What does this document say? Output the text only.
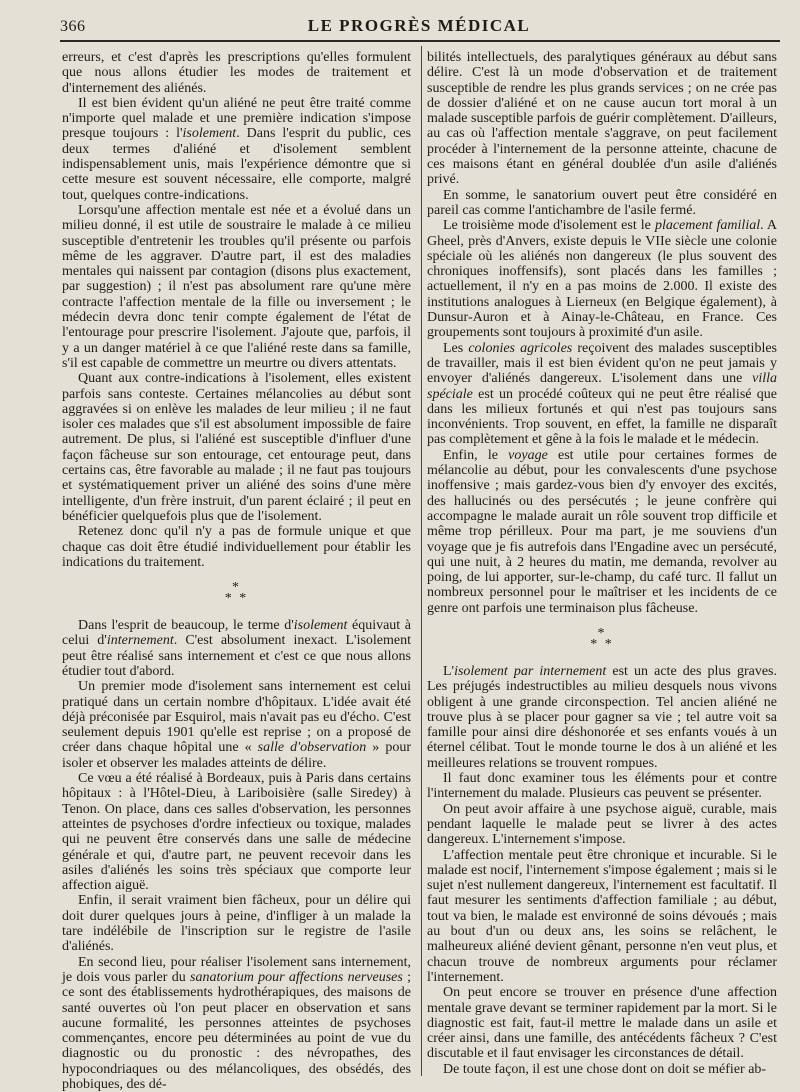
366	LE PROGRÈS MÉDICAL

erreurs, et c'est d'après les prescriptions qu'elles formulent que nous allons étudier les modes de traitement et d'internement des aliénés.

Il est bien évident qu'un aliéné ne peut être traité comme n'importe quel malade et une première indication s'impose presque toujours : l'isolement. Dans l'esprit du public, ces deux termes d'aliéné et d'isolement semblent indispensablement unis, mais l'expérience démontre que si cette mesure est souvent nécessaire, elle comporte, malgré tout, quelques contre-indications.

Lorsqu'une affection mentale est née et a évolué dans un milieu donné, il est utile de soustraire le malade à ce milieu susceptible d'entretenir les troubles qu'il présente ou parfois même de les aggraver. D'autre part, il est des maladies mentales qui naissent par contagion (disons plus exactement, par suggestion) ; il n'est pas absolument rare qu'une mère contracte l'affection mentale de la fille ou inversement ; le médecin devra donc tenir compte également de l'état de l'entourage pour prescrire l'isolement. J'ajoute que, parfois, il y a un danger matériel à ce que l'aliéné reste dans sa famille, s'il est capable de commettre un meurtre ou divers attentats.

Quant aux contre-indications à l'isolement, elles existent parfois sans conteste. Certaines mélancolies au début sont aggravées si on enlève les malades de leur milieu ; il ne faut isoler ces malades que s'il est absolument impossible de faire autrement. De plus, si l'aliéné est susceptible d'influer d'une façon fâcheuse sur son entourage, cet entourage peut, dans certains cas, être favorable au malade ; il ne faut pas toujours et systématiquement priver un aliéné des soins d'une mère intelligente, d'un frère instruit, d'un parent éclairé ; il peut en bénéficier quelquefois plus que de l'isolement.

Retenez donc qu'il n'y a pas de formule unique et que chaque cas doit être étudié individuellement pour établir les indications du traitement.

*
* *

Dans l'esprit de beaucoup, le terme d'isolement équivaut à celui d'internement. C'est absolument inexact. L'isolement peut être réalisé sans internement et c'est ce que nous allons étudier tout d'abord.

Un premier mode d'isolement sans internement est celui pratiqué dans un certain nombre d'hôpitaux. L'idée avait été déjà préconisée par Esquirol, mais n'avait pas eu d'écho. C'est seulement depuis 1901 qu'elle est reprise ; on a proposé de créer dans chaque hôpital une « salle d'observation » pour isoler et observer les malades atteints de délire.

Ce vœu a été réalisé à Bordeaux, puis à Paris dans certains hôpitaux : à l'Hôtel-Dieu, à Lariboisière (salle Siredey) à Tenon. On place, dans ces salles d'observation, les personnes atteintes de psychoses d'ordre infectieux ou toxique, malades qui ne peuvent être conservés dans une salle de médecine générale et qui, d'autre part, ne peuvent recevoir dans les asiles d'aliénés les soins très spéciaux que comporte leur affection aiguë.

Enfin, il serait vraiment bien fâcheux, pour un délire qui doit durer quelques jours à peine, d'infliger à un malade la tare indélébile de l'inscription sur le registre de l'asile d'aliénés.

En second lieu, pour réaliser l'isolement sans internement, je dois vous parler du sanatorium pour affections nerveuses ; ce sont des établissements hydrothérapiques, des maisons de santé ouvertes où l'on peut placer en observation et sans aucune formalité, les personnes atteintes de psychoses commençantes, encore peu déterminées au point de vue du diagnostic ou du pronostic : des névropathes, des hypocondriaques ou des mélancoliques, des obsédés, des phobiques, des dé-

bilités intellectuels, des paralytiques généraux au début sans délire. C'est là un mode d'observation et de traitement susceptible de rendre les plus grands services ; on ne crée pas de dossier d'aliéné et on ne cause aucun tort moral à un malade susceptible parfois de guérir complètement. D'ailleurs, au cas où l'affection mentale s'aggrave, on peut facilement procéder à l'internement de la personne atteinte, chacune de ces maisons étant en général doublée d'un asile d'aliénés privé.

En somme, le sanatorium ouvert peut être considéré en pareil cas comme l'antichambre de l'asile fermé.

Le troisième mode d'isolement est le placement familial. A Gheel, près d'Anvers, existe depuis le VIIe siècle une colonie spéciale où les aliénés non dangereux (le plus souvent des chroniques inoffensifs), sont placés dans les familles ; actuellement, il n'y en a pas moins de 2.000. Il existe des institutions analogues à Lierneux (en Belgique également), à Dunsur-Auron et à Ainay-le-Château, en France. Ces groupements sont toujours à proximité d'un asile.

Les colonies agricoles reçoivent des malades susceptibles de travailler, mais il est bien évident qu'on ne peut jamais y envoyer d'aliénés dangereux. L'isolement dans une villa spéciale est un procédé coûteux qui ne peut être réalisé que dans les milieux fortunés et qui n'est pas toujours sans inconvénients. Trop souvent, en effet, la famille ne disparaît pas complètement et gêne à la fois le malade et le médecin.

Enfin, le voyage est utile pour certaines formes de mélancolie au début, pour les convalescents d'une psychose inoffensive ; mais gardez-vous bien d'y envoyer des excités, des hallucinés ou des persécutés ; le jeune confrère qui accompagne le malade aurait un rôle souvent trop difficile et même trop périlleux. Pour ma part, je me souviens d'un voyage que je fis autrefois dans l'Engadine avec un persécuté, qui une nuit, à 2 heures du matin, me demanda, revolver au poing, de lui apporter, sur-le-champ, du café turc. Il fallut un nombreux personnel pour le maîtriser et les incidents de ce genre ont parfois une terminaison plus fâcheuse.

*
* *

L'isolement par internement est un acte des plus graves. Les préjugés indestructibles au milieu desquels nous vivons obligent à une grande circonspection. Tel ancien aliéné ne trouve plus à se placer pour gagner sa vie ; tel autre voit sa famille pour ainsi dire déshonorée et ses enfants voués à un éternel célibat. Tout le monde tourne le dos à un aliéné et les meilleures relations se trouvent rompues.

Il faut donc examiner tous les éléments pour et contre l'internement du malade. Plusieurs cas peuvent se présenter.

On peut avoir affaire à une psychose aiguë, curable, mais pendant laquelle le malade peut se livrer à des actes dangereux. L'internement s'impose.

L'affection mentale peut être chronique et incurable. Si le malade est nocif, l'internement s'impose également ; mais si le sujet n'est nullement dangereux, l'internement est facultatif. Il faut mesurer les sentiments d'affection familiale ; au début, tout va bien, le malade est environné de soins dévoués ; mais au bout d'un ou deux ans, les soins se relâchent, le malheureux aliéné devient gênant, personne n'en veut plus, et chacun trouve de nombreux arguments pour réclamer l'internement.

On peut encore se trouver en présence d'une affection mentale grave devant se terminer rapidement par la mort. Si le diagnostic est fait, faut-il mettre le malade dans un asile et créer ainsi, dans une famille, des antécédents fâcheux ? C'est discutable et il faut envisager les circonstances de détail.

De toute façon, il est une chose dont on doit se méfier ab-
